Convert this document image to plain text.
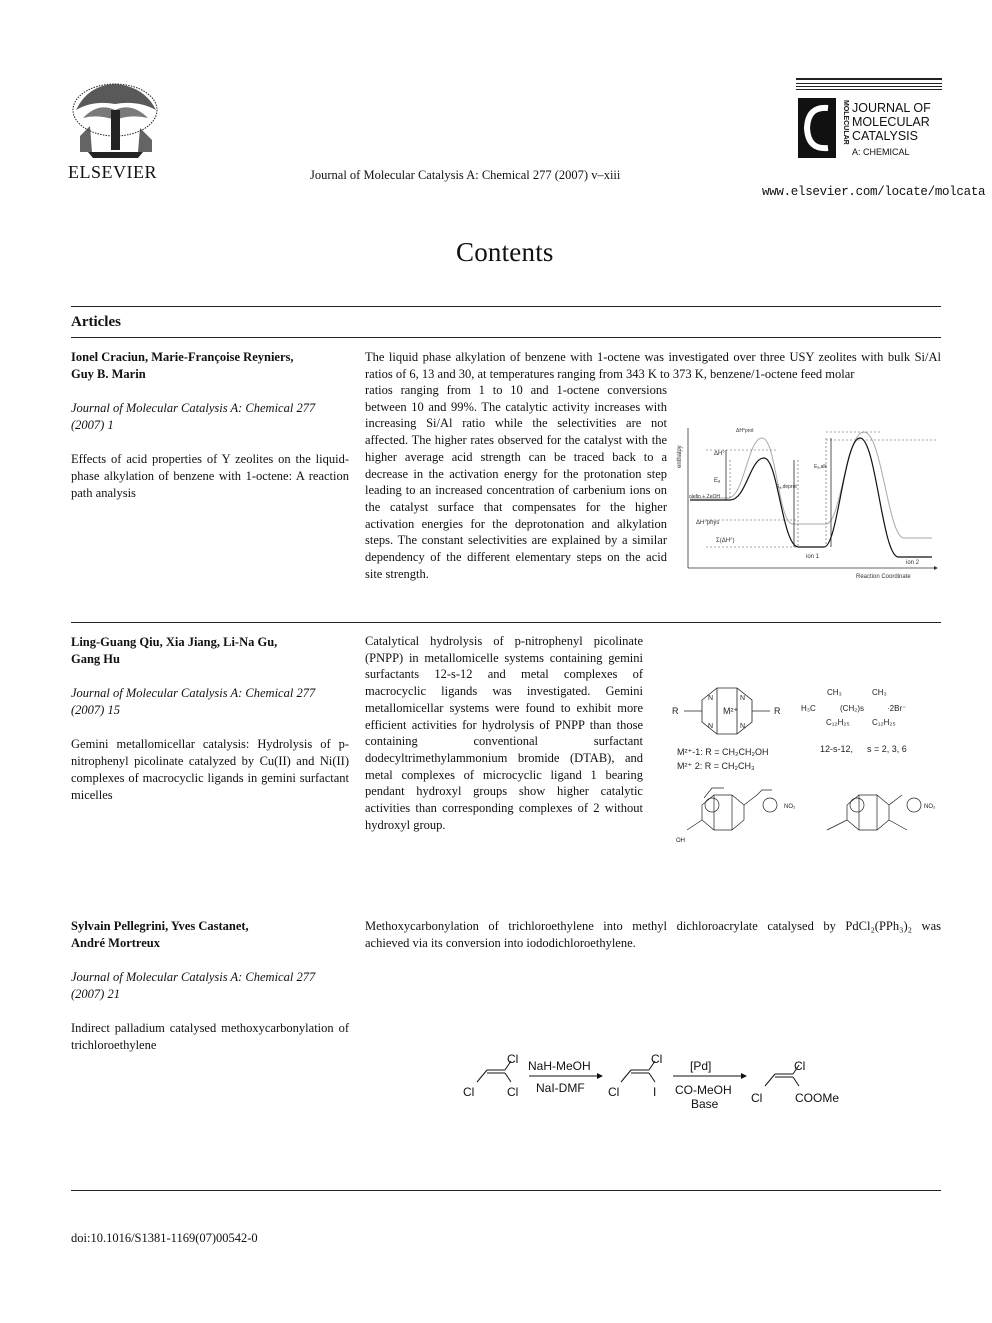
ELSEVIER	Journal of Molecular Catalysis A: Chemical 277 (2007) v–xiii
MOLECULAR JOURNAL OF
MOLECULAR
CATALYSIS
A: CHEMICAL
www.elsevier.com/locate/molcata
Contents
Articles
Ionel Craciun, Marie-Françoise Reyniers,
Guy B. Marin
Journal of Molecular Catalysis A: Chemical 277
(2007) 1
Effects of acid properties of Y zeolites on the liquid-phase alkylation of benzene with 1-octene: A reaction path analysis
The liquid phase alkylation of benzene with 1-octene was investigated over three USY zeolites with bulk Si/Al ratios of 6, 13 and 30, at temperatures ranging from 343 K to 373 K, benzene/1-octene feed molar
ratios ranging from 1 to 10 and 1-octene conversions between 10 and 99%. The catalytic activity increases with increasing Si/Al ratio while the selectivities are not affected. The higher rates observed for the catalyst with the higher average acid strength can be traced back to a decrease in the activation energy for the protonation step leading to an increased concentration of carbenium ions on the catalyst surface that compensates for the higher activation energies for the deprotonation and alkylation steps. The constant selectivities are explained by a similar dependency of the different elementary steps on the acid site strength.
enthalpy
Reaction Coordinate
ΔH°
Eₐ
olefin + ZeOH
ΔH°phys
Σ(ΔH°)
Eₐ,deprot
Eₐ,alk
ion 1
ion 2
ΔH°prot
Ling-Guang Qiu, Xia Jiang, Li-Na Gu,
Gang Hu
Journal of Molecular Catalysis A: Chemical 277
(2007) 15
Gemini metallomicellar catalysis: Hydrolysis of p-nitrophenyl picolinate catalyzed by Cu(II) and Ni(II) complexes of macrocyclic ligands in gemini surfactant micelles
Catalytical hydrolysis of p-nitrophenyl picolinate (PNPP) in metallomicelle systems containing gemini surfactants 12-s-12 and metal complexes of macrocyclic ligands was investigated. Gemini metallomicellar systems were found to exhibit more efficient activities for hydrolysis of PNPP than those containing conventional surfactant dodecyltrimethylammonium bromide (DTAB), and metal complexes of microcyclic ligand 1 bearing pendant hydroxyl groups show higher catalytic activities than corresponding complexes of 2 without hydroxyl group.
M²⁺
R	R
N	N
N	N
M²⁺-1: R = CH₂CH₂OH
M²⁺ 2: R = CH₂CH₃
CH₃	CH₃
H₃C	(CH₂)s	·2Br⁻
C₁₂H₂₅	C₁₂H₂₅
12-s-12, s = 2, 3, 6
NO₂	NO₂
OH
Sylvain Pellegrini, Yves Castanet,
André Mortreux
Journal of Molecular Catalysis A: Chemical 277
(2007) 21
Indirect palladium catalysed methoxycarbonylation of trichloroethylene
Methoxycarbonylation of trichloroethylene into methyl dichloroacrylate catalysed by PdCl₂(PPh₃)₂ was
achieved via its conversion into iododichloroethylene.
Cl
Cl
Cl
NaH-MeOH
NaI-DMF Cl
Cl
I
[Pd]
CO-MeOH
Base	Cl
Cl
COOMe
doi:10.1016/S1381-1169(07)00542-0
